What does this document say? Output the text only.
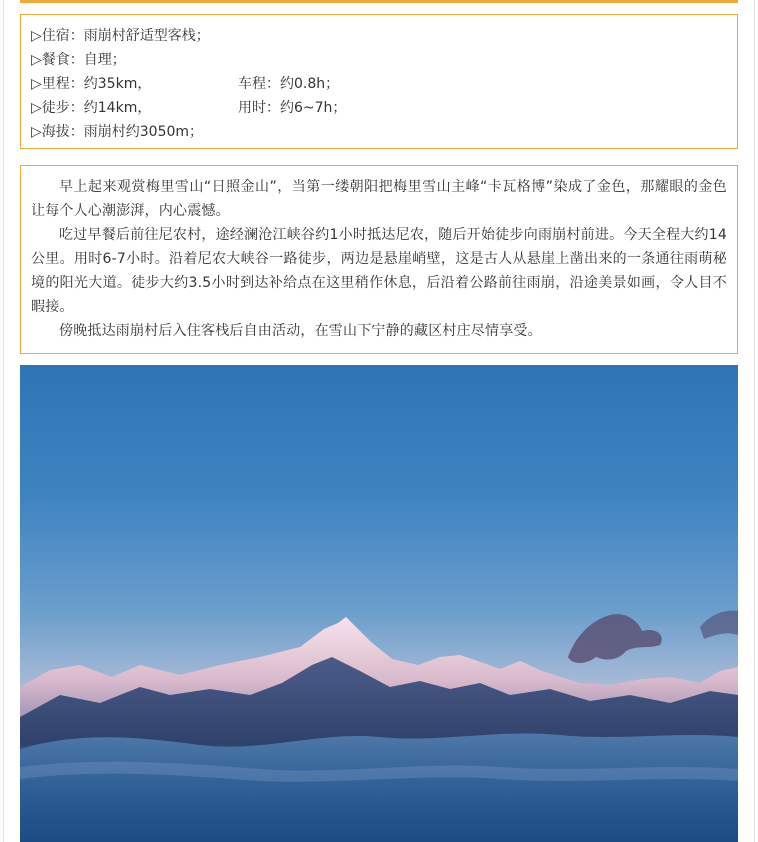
▷住宿：雨崩村舒适型客栈；
▷餐食：自理；
▷里程：约35km，	车程：约0.8h；
▷徒步：约14km，	用时：约6~7h；
▷海拔：雨崩村约3050m；

早上起来观赏梅里雪山“日照金山”，当第一缕朝阳把梅里雪山主峰“卡瓦格博”染成了金色，那耀眼的金色让每个人心潮澎湃，内心震憾。

吃过早餐后前往尼农村，途经澜沧江峡谷约1小时抵达尼农，随后开始徒步向雨崩村前进。今天全程大约14公里。用时6-7小时。沿着尼农大峡谷一路徒步，两边是悬崖峭壁，这是古人从悬崖上凿出来的一条通往雨萌秘境的阳光大道。徒步大约3.5小时到达补给点在这里稍作休息，后沿着公路前往雨崩，沿途美景如画，令人目不暇接。

傍晚抵达雨崩村后入住客栈后自由活动，在雪山下宁静的藏区村庄尽情享受。
